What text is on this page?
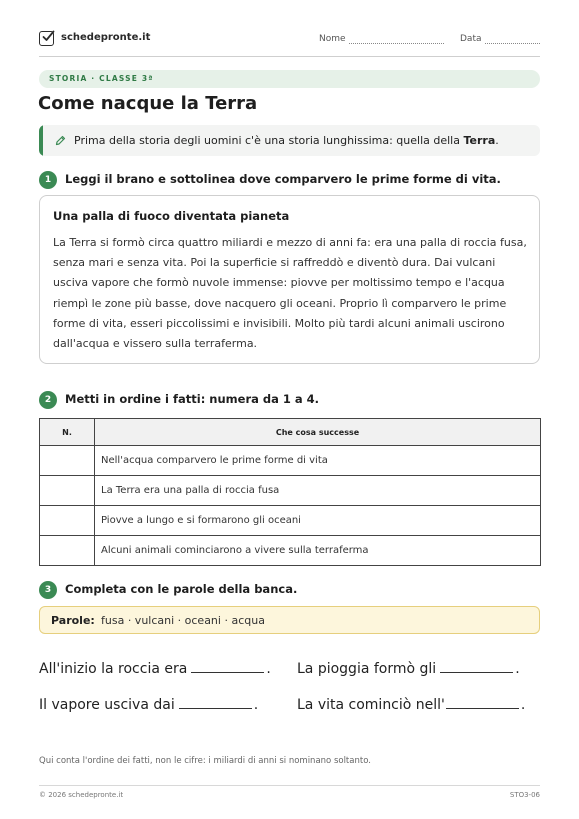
schedepronte.it	Nome	Data
STORIA · CLASSE 3ª
Come nacque la Terra
Prima della storia degli uomini c'è una storia lunghissima: quella della Terra.
1	Leggi il brano e sottolinea dove comparvero le prime forme di vita.
Una palla di fuoco diventata pianeta
La Terra si formò circa quattro miliardi e mezzo di anni fa: era una palla di roccia fusa, senza mari e senza vita. Poi la superficie si raffreddò e diventò dura. Dai vulcani usciva vapore che formò nuvole immense: piovve per moltissimo tempo e l'acqua riempì le zone più basse, dove nacquero gli oceani. Proprio lì comparvero le prime forme di vita, esseri piccolissimi e invisibili. Molto più tardi alcuni animali uscirono dall'acqua e vissero sulla terraferma.
2	Metti in ordine i fatti: numera da 1 a 4.
N.	Che cosa successe
	Nell'acqua comparvero le prime forme di vita
	La Terra era una palla di roccia fusa
	Piovve a lungo e si formarono gli oceani
	Alcuni animali cominciarono a vivere sulla terraferma
3	Completa con le parole della banca.
Parole: fusa · vulcani · oceani · acqua
All'inizio la roccia era	. La pioggia formò gli	.
Il vapore usciva dai	.	La vita cominciò nell'	.
Qui conta l'ordine dei fatti, non le cifre: i miliardi di anni si nominano soltanto.
© 2026 schedepronte.it	STO3-06
